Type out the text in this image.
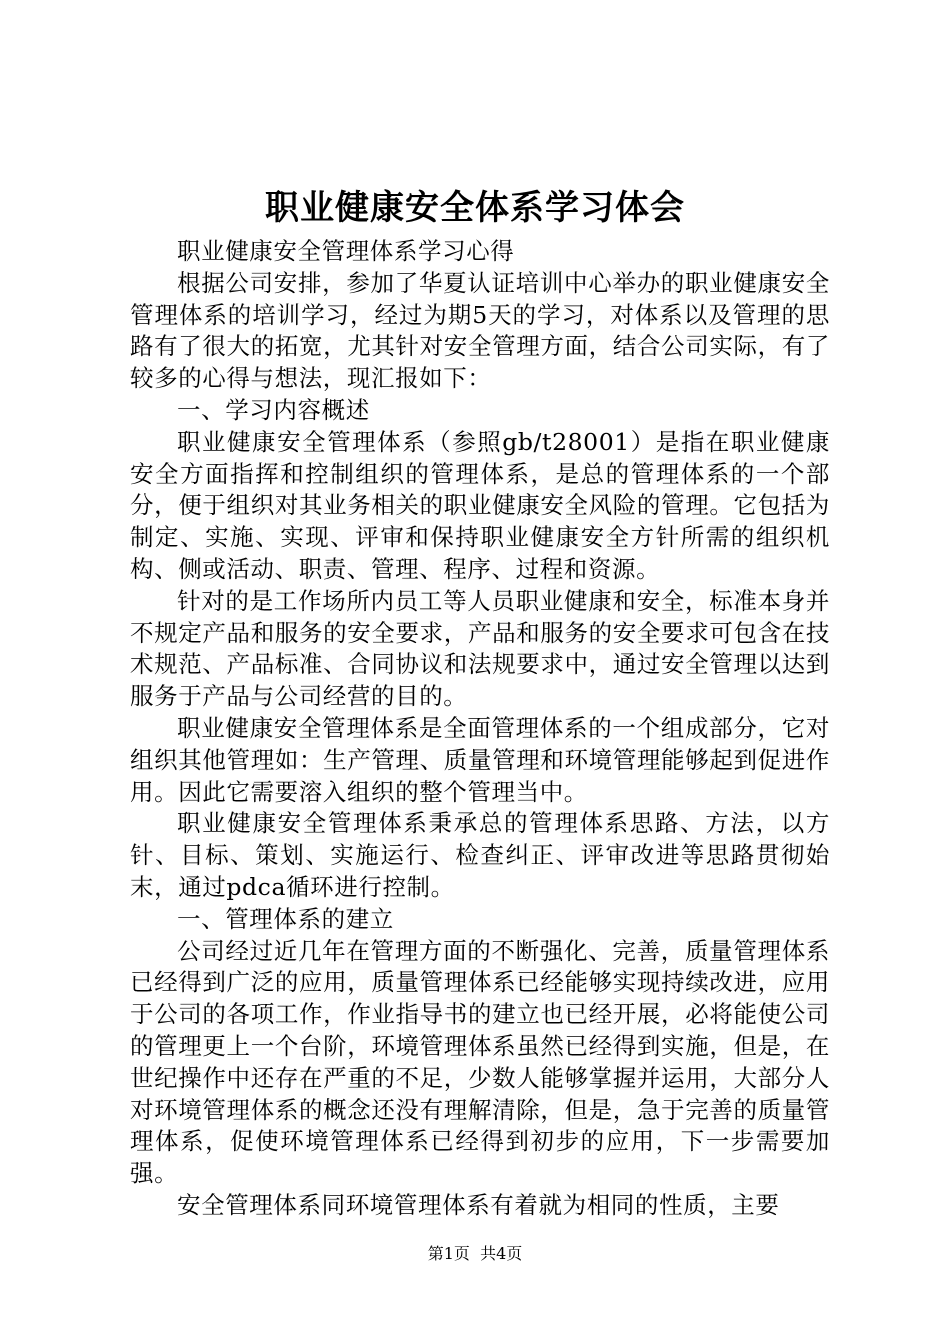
职业健康安全体系学习体会

职业健康安全管理体系学习心得

根据公司安排，参加了华夏认证培训中心举办的职业健康安全管理体系的培训学习，经过为期5天的学习，对体系以及管理的思路有了很大的拓宽，尤其针对安全管理方面，结合公司实际，有了较多的心得与想法，现汇报如下：

一、学习内容概述

职业健康安全管理体系（参照gb/t28001）是指在职业健康安全方面指挥和控制组织的管理体系，是总的管理体系的一个部分，便于组织对其业务相关的职业健康安全风险的管理。它包括为制定、实施、实现、评审和保持职业健康安全方针所需的组织机构、侧或活动、职责、管理、程序、过程和资源。

针对的是工作场所内员工等人员职业健康和安全，标准本身并不规定产品和服务的安全要求，产品和服务的安全要求可包含在技术规范、产品标准、合同协议和法规要求中，通过安全管理以达到服务于产品与公司经营的目的。

职业健康安全管理体系是全面管理体系的一个组成部分，它对组织其他管理如：生产管理、质量管理和环境管理能够起到促进作用。因此它需要溶入组织的整个管理当中。

职业健康安全管理体系秉承总的管理体系思路、方法，以方针、目标、策划、实施运行、检查纠正、评审改进等思路贯彻始末，通过pdca循环进行控制。

一、管理体系的建立

公司经过近几年在管理方面的不断强化、完善，质量管理体系已经得到广泛的应用，质量管理体系已经能够实现持续改进，应用于公司的各项工作，作业指导书的建立也已经开展，必将能使公司的管理更上一个台阶，环境管理体系虽然已经得到实施，但是，在世纪操作中还存在严重的不足，少数人能够掌握并运用，大部分人对环境管理体系的概念还没有理解清除，但是，急于完善的质量管理体系，促使环境管理体系已经得到初步的应用，下一步需要加强。

安全管理体系同环境管理体系有着就为相同的性质，主要

第1页 共4页
